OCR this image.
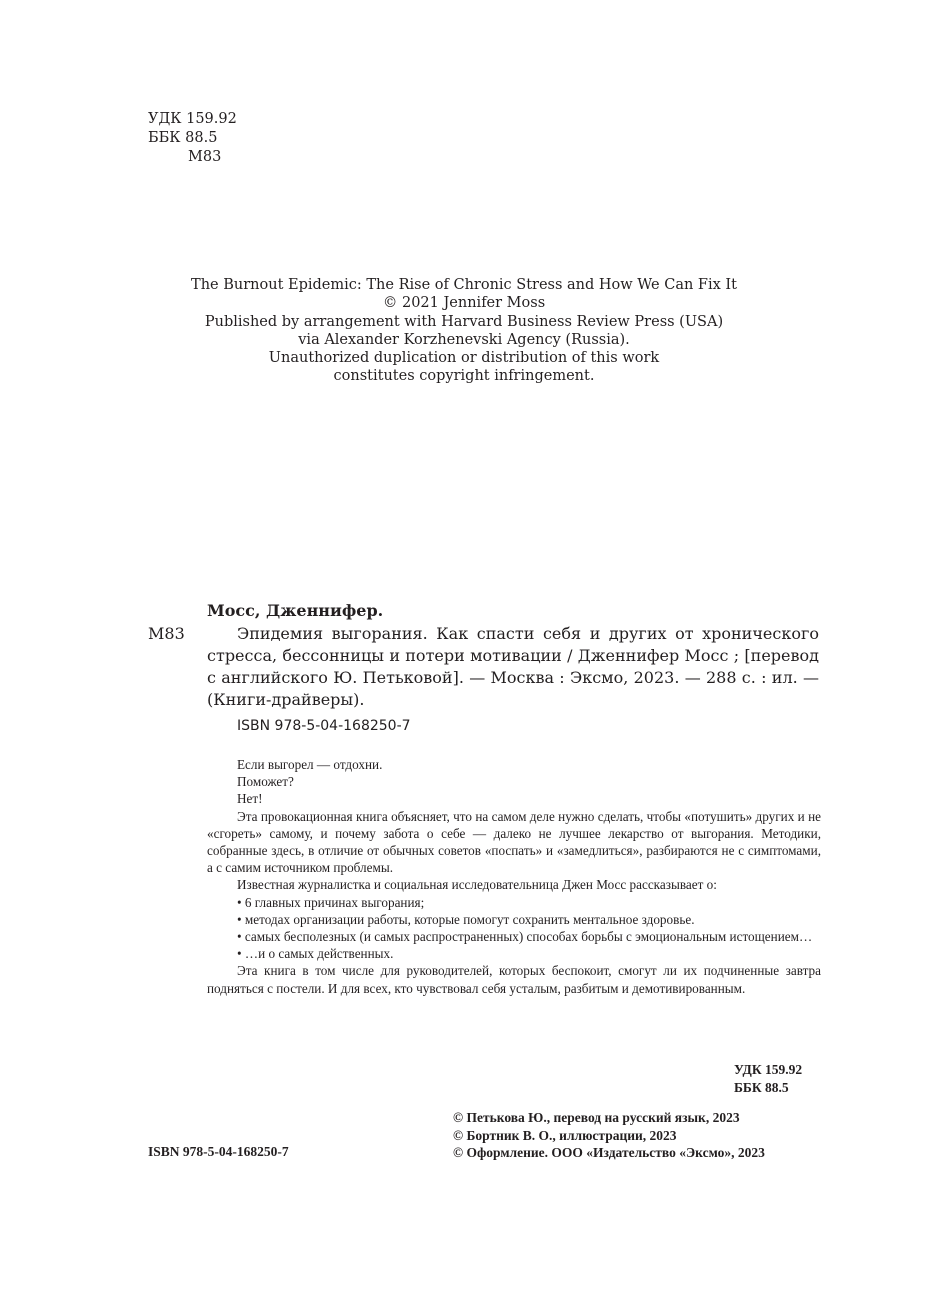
УДК 159.92
ББК 88.5
М83
The Burnout Epidemic: The Rise of Chronic Stress and How We Can Fix It
© 2021 Jennifer Moss
Published by arrangement with Harvard Business Review Press (USA)
via Alexander Korzhenevski Agency (Russia).
Unauthorized duplication or distribution of this work
constitutes copyright infringement.
Мосс, Дженнифер.
М83	Эпидемия выгорания. Как спасти себя и других от хронического стресса, бессонницы и потери мотивации / Дженнифер Мосс ; [перевод с английского Ю. Петьковой]. — Москва : Эксмо, 2023. — 288 с. : ил. — (Книги-драйверы).
ISBN 978-5-04-168250-7

Если выгорел — отдохни.

Поможет?

Нет!

Эта провокационная книга объясняет, что на самом деле нужно сделать, чтобы «потушить» других и не «сгореть» самому, и почему забота о себе — далеко не лучшее лекарство от выгорания. Методики, собранные здесь, в отличие от обычных советов «поспать» и «замедлиться», разбираются не с симптомами, а с самим источником проблемы.

Известная журналистка и социальная исследовательница Джен Мосс рассказывает о:

• 6 главных причинах выгорания;

• методах организации работы, которые помогут сохранить ментальное здоровье.

• самых бесполезных (и самых распространенных) способах борьбы с эмоциональным истощением…

• …и о самых действенных.

Эта книга в том числе для руководителей, которых беспокоит, смогут ли их подчиненные завтра подняться с постели. И для всех, кто чувствовал себя усталым, разбитым и демотивированным.

УДК 159.92
ББК 88.5
ISBN 978-5-04-168250-7
© Петькова Ю., перевод на русский язык, 2023
© Бортник В. О., иллюстрации, 2023
© Оформление. ООО «Издательство «Эксмо», 2023
